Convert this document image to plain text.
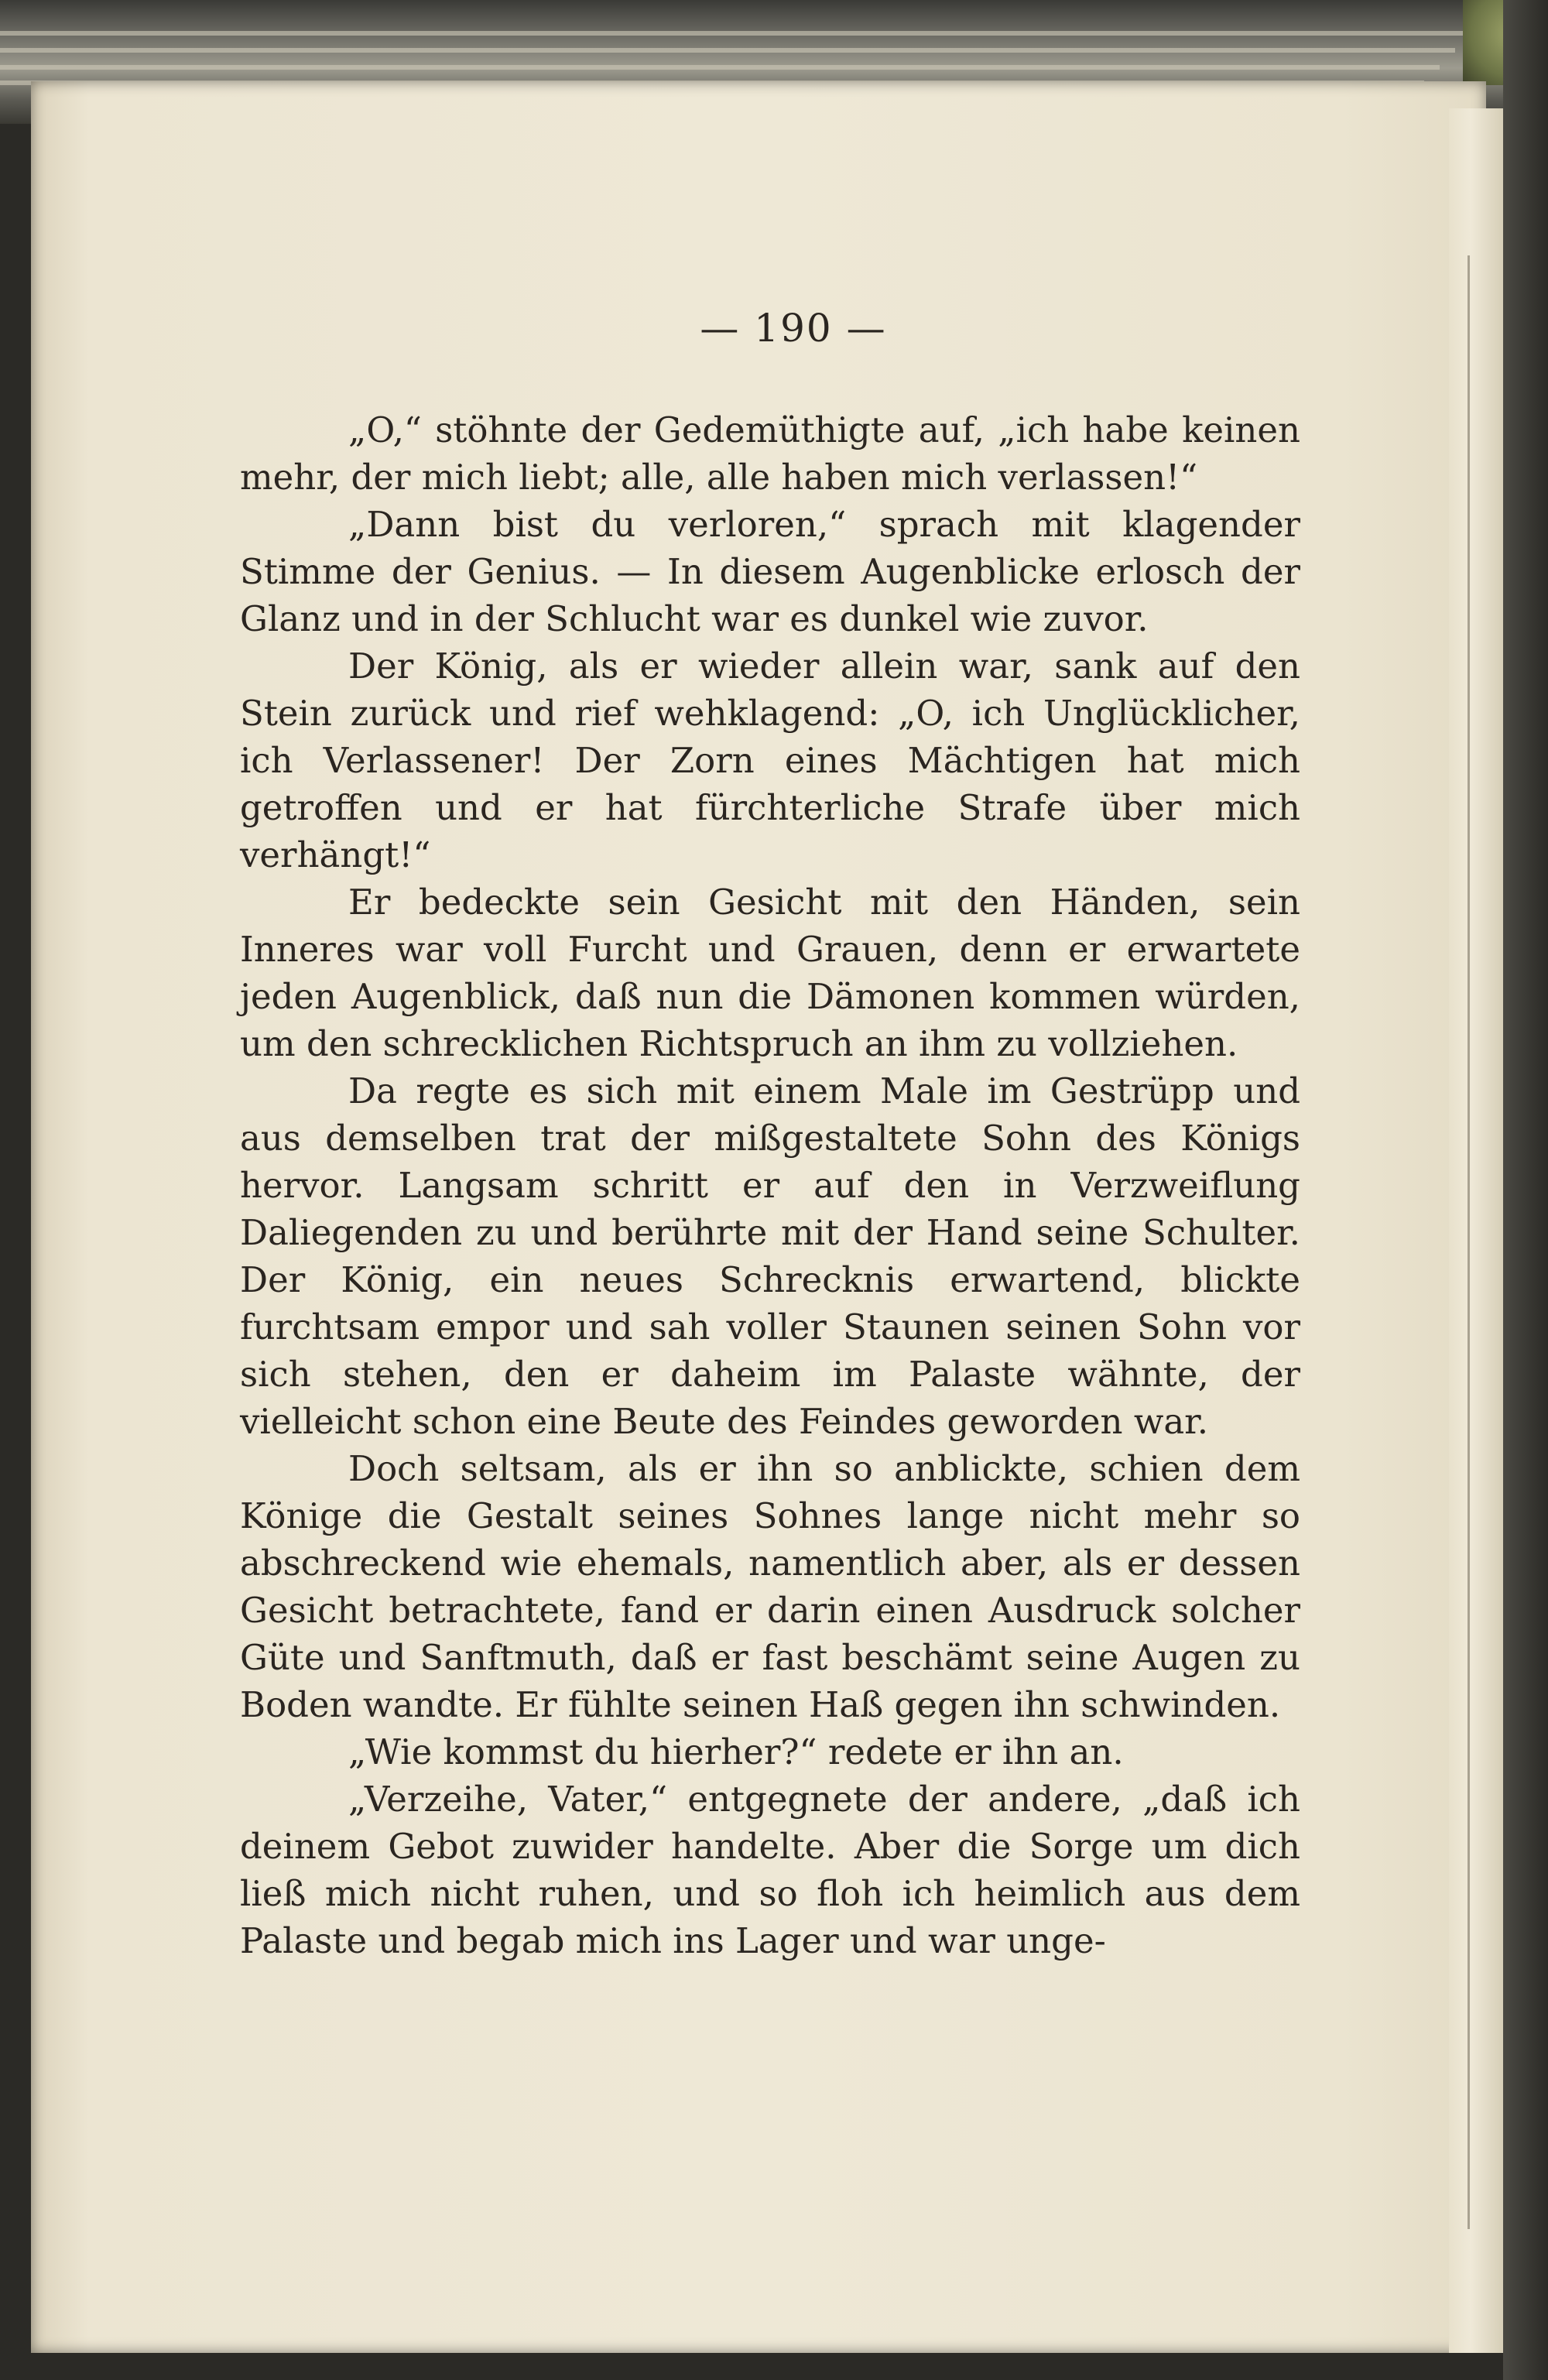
— 190 —

„O,“ stöhnte der Gedemüthigte auf, „ich habe keinen mehr, der mich liebt; alle, alle haben mich verlassen!“

„Dann bist du verloren,“ sprach mit klagender Stimme der Genius. — In diesem Augenblicke erlosch der Glanz und in der Schlucht war es dunkel wie zuvor.

Der König, als er wieder allein war, sank auf den Stein zurück und rief wehklagend: „O, ich Unglücklicher, ich Verlassener! Der Zorn eines Mächtigen hat mich getroffen und er hat fürchterliche Strafe über mich verhängt!“

Er bedeckte sein Gesicht mit den Händen, sein Inneres war voll Furcht und Grauen, denn er erwartete jeden Augenblick, daß nun die Dämonen kommen würden, um den schrecklichen Richtspruch an ihm zu vollziehen.

Da regte es sich mit einem Male im Gestrüpp und aus demselben trat der mißgestaltete Sohn des Königs hervor. Langsam schritt er auf den in Verzweiflung Daliegenden zu und berührte mit der Hand seine Schulter. Der König, ein neues Schrecknis erwartend, blickte furchtsam empor und sah voller Staunen seinen Sohn vor sich stehen, den er daheim im Palaste wähnte, der vielleicht schon eine Beute des Feindes geworden war.

Doch seltsam, als er ihn so anblickte, schien dem Könige die Gestalt seines Sohnes lange nicht mehr so abschreckend wie ehemals, namentlich aber, als er dessen Gesicht betrachtete, fand er darin einen Ausdruck solcher Güte und Sanftmuth, daß er fast beschämt seine Augen zu Boden wandte. Er fühlte seinen Haß gegen ihn schwinden.

„Wie kommst du hierher?“ redete er ihn an.

„Verzeihe, Vater,“ entgegnete der andere, „daß ich deinem Gebot zuwider handelte. Aber die Sorge um dich ließ mich nicht ruhen, und so floh ich heimlich aus dem Palaste und begab mich ins Lager und war unge-
